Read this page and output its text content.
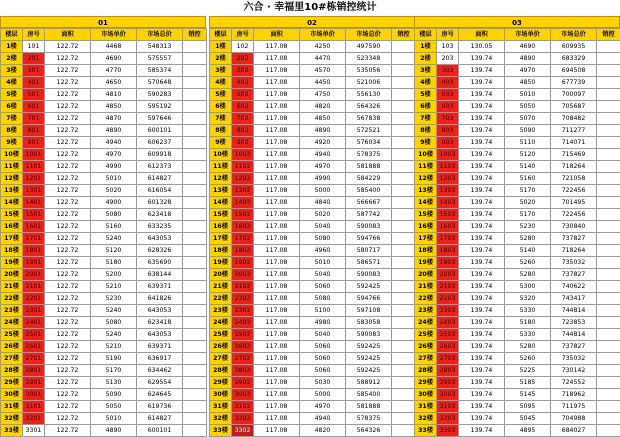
六合 · 幸福里10#栋销控统计
01
楼层	房号	面积	市场单价	市场总价	销控
1楼	101	122.72	4468	548313	
2楼	201	122.72	4690	575557	
3楼	301	122.72	4770	585374	
4楼	401	122.72	4650	570648	
5楼	501	122.72	4810	590283	
6楼	601	122.72	4850	595192	
7楼	701	122.72	4870	597646	
8楼	801	122.72	4890	600101	
9楼	901	122.72	4940	606237	
10楼	1001	122.72	4970	609918	
11楼	1101	122.72	4990	612373	
12楼	1201	122.72	5010	614827	
13楼	1301	122.72	5020	616054	
14楼	1401	122.72	4900	601328	
15楼	1501	122.72	5080	623418	
16楼	1601	122.72	5160	633235	
17楼	1701	122.72	5240	643053	
18楼	1801	122.72	5120	628326	
19楼	1901	122.72	5180	635690	
20楼	2001	122.72	5200	638144	
21楼	2101	122.72	5210	639371	
22楼	2201	122.72	5230	641826	
23楼	2301	122.72	5240	643053	
24楼	2401	122.72	5080	623418	
25楼	2501	122.72	5240	643053	
26楼	2601	122.72	5210	639371	
27楼	2701	122.72	5190	636917	
28楼	2801	122.72	5170	634462	
29楼	2901	122.72	5130	629554	
30楼	3001	122.72	5090	624645	
31楼	3101	122.72	5050	619736	
32楼	3201	122.72	5010	614827	
33楼	3301	122.72	4890	600101	
02
楼层	房号	面积	市场单价	市场总价	销控
1楼	102	117.08	4250	497590	
2楼	202	117.08	4470	523348	
3楼	302	117.08	4570	535056	
4楼	402	117.08	4450	521006	
5楼	502	117.08	4750	556130	
6楼	602	117.08	4820	564326	
7楼	702	117.08	4850	567838	
8楼	802	117.08	4890	572521	
9楼	902	117.08	4920	576034	
10楼	1002	117.08	4940	578375	
11楼	1102	117.08	4970	581888	
12楼	1202	117.08	4990	584229	
13楼	1302	117.08	5000	585400	
14楼	1402	117.08	4840	566667	
15楼	1502	117.08	5020	587742	
16楼	1602	117.08	5040	590083	
17楼	1702	117.08	5080	594766	
18楼	1802	117.08	4960	580717	
19楼	1902	117.08	5010	586571	
20楼	2002	117.08	5040	590083	
21楼	2102	117.08	5060	592425	
22楼	2202	117.08	5080	594766	
23楼	2302	117.08	5100	597108	
24楼	2402	117.08	4980	583058	
25楼	2502	117.08	5040	590083	
26楼	2602	117.08	5060	592425	
27楼	2702	117.08	5060	592425	
28楼	2802	117.08	5060	592425	
29楼	2902	117.08	5030	588912	
30楼	3002	117.08	5000	585400	
31楼	3102	117.08	4970	581888	
32楼	3202	117.08	4940	578375	
33楼	3302	117.08	4820	564326	
03
楼层	房号	面积	市场单价	市场总价	销控
1楼	103	130.05	4690	609935	
2楼	203	139.74	4890	683329	
3楼	303	139.74	4970	694508	
4楼	403	139.74	4850	677739	
5楼	503	139.74	5010	700097	
6楼	603	139.74	5050	705687	
7楼	703	139.74	5070	708482	
8楼	803	139.74	5090	711277	
9楼	903	139.74	5110	714071	
10楼	1003	139.74	5120	715469	
11楼	1103	139.74	5140	718264	
12楼	1203	139.74	5160	721058	
13楼	1303	139.74	5170	722456	
14楼	1403	139.74	5020	701495	
15楼	1503	139.74	5170	722456	
16楼	1603	139.74	5230	730840	
17楼	1703	139.74	5280	737827	
18楼	1803	139.74	5140	718264	
19楼	1903	139.74	5260	735032	
20楼	2003	139.74	5280	737827	
21楼	2103	139.74	5300	740622	
22楼	2203	139.74	5320	743417	
23楼	2303	139.74	5330	744814	
24楼	2403	139.74	5180	723853	
25楼	2503	139.74	5330	744814	
26楼	2603	139.74	5280	737827	
27楼	2703	139.74	5260	735032	
28楼	2803	139.74	5225	730142	
29楼	2903	139.74	5185	724552	
30楼	3003	139.74	5145	718962	
31楼	3103	139.74	5095	711975	
32楼	3203	139.74	5045	704988	
33楼	3303	139.74	4895	684027	
